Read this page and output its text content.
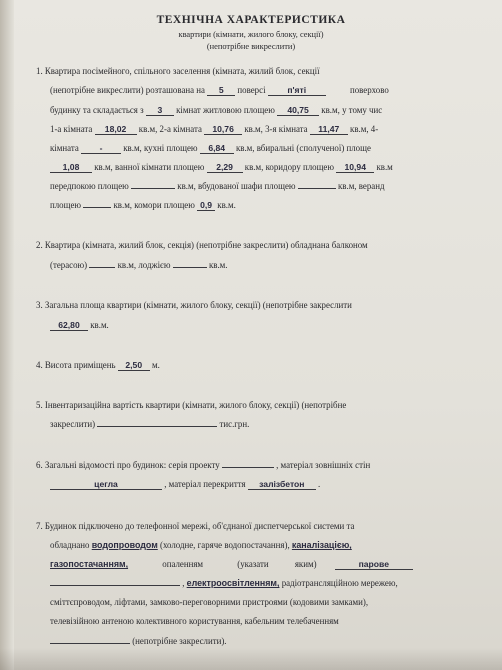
ТЕХНІЧНА ХАРАКТЕРИСТИКА
квартири (кімнати, жилого блоку, секції)
(непотрібне викреслити)
1. Квартира посімейного, спільного заселення (кімната, жилий блок, секції
(непотрібне викреслити) розташована на 5 поверсі	п'яті	поверхово
будинку та складається з 3 кімнат житловою площею 40,75 кв.м, у тому чис
1-а кімната 18,02 кв.м, 2-а кімната 10,76 кв.м, 3-я кімната 11,47 кв.м, 4-
кімната - кв.м, кухні площею 6,84 кв.м, вбиральні (сполученої) площе
1,08 кв.м, ванної кімнати площею 2,29 кв.м, коридору площею 10,94 кв.м
передпокою площею	кв.м, вбудованої шафи площею	кв.м, веранд
площею	кв.м, комори площею 0,9 кв.м.
2. Квартира (кімната, жилий блок, секція) (непотрібне закреслити) обладнана балконом
(терасою)	кв.м, лоджією	кв.м.
3. Загальна площа квартири (кімнати, жилого блоку, секції) (непотрібне закреслити
62,80 кв.м.
4. Висота приміщень 2,50 м.
5. Інвентаризаційна вартість квартири (кімнати, жилого блоку, секції) (непотрібне
закреслити)	тис.грн.
6. Загальні відомості про будинок: серія проекту	, матеріал зовнішніх стін
цегла	, матеріал перекриття залізбетон .
7. Будинок підключено до телефонної мережі, об'єднаної диспетчерської системи та
обладнано водопроводом (холодне, гаряче водопостачання), каналізацією,
газопостачанням,	опаленням	(указати	яким)	парове
, електроосвітленням, радіотрансляційною мережею,
сміттєпроводом, ліфтами, замково-переговорними пристроями (кодовими замками),
телевізійною антеною колективного користування, кабельним телебаченням
(непотрібне закреслити).
